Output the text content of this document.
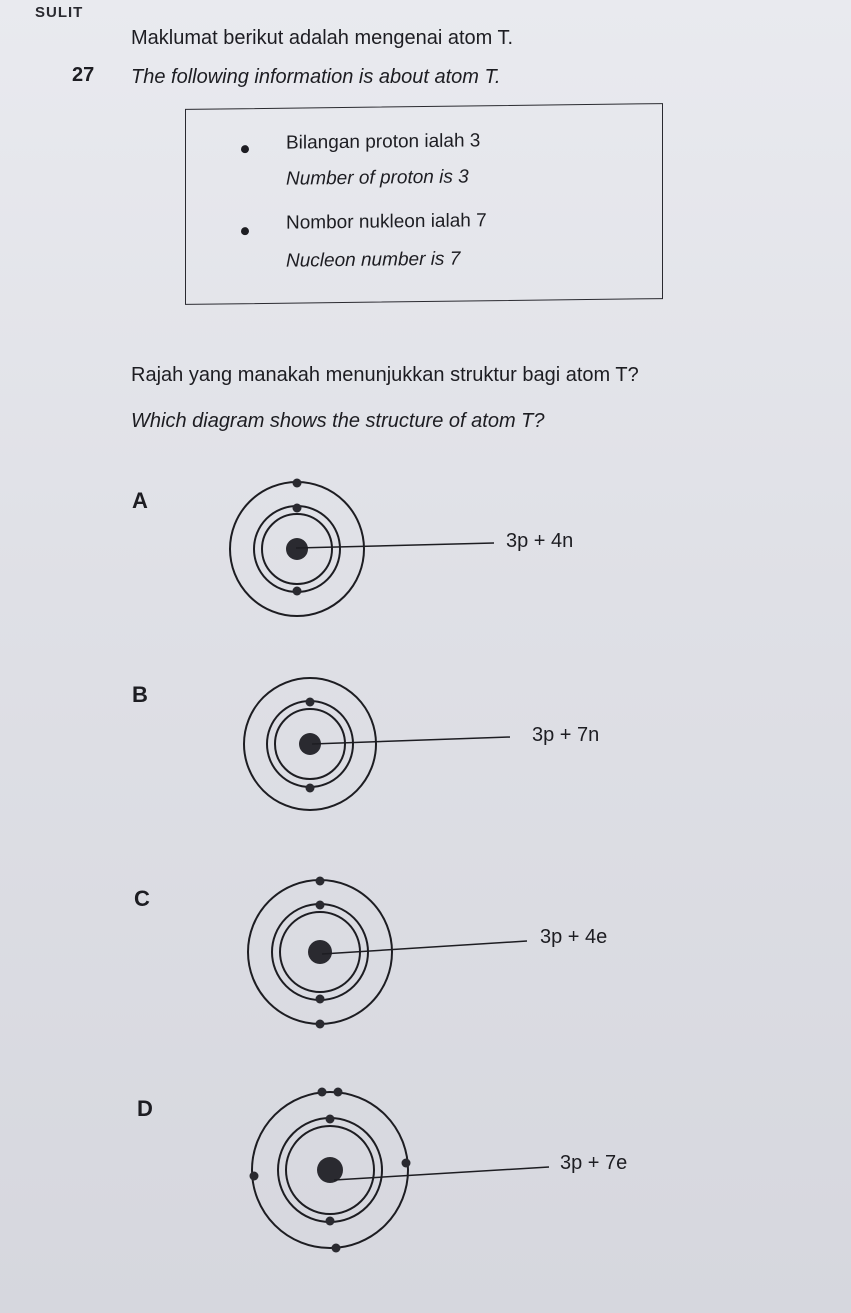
SULIT
27
Maklumat berikut adalah mengenai atom T.
The following information is about atom T.
Bilangan proton ialah 3
Number of proton is 3
Nombor nukleon ialah 7
Nucleon number is 7
Rajah yang manakah menunjukkan struktur bagi atom T?
Which diagram shows the structure of atom T?
A
3p + 4n
B
3p + 7n
C
3p + 4e
D
3p + 7e
